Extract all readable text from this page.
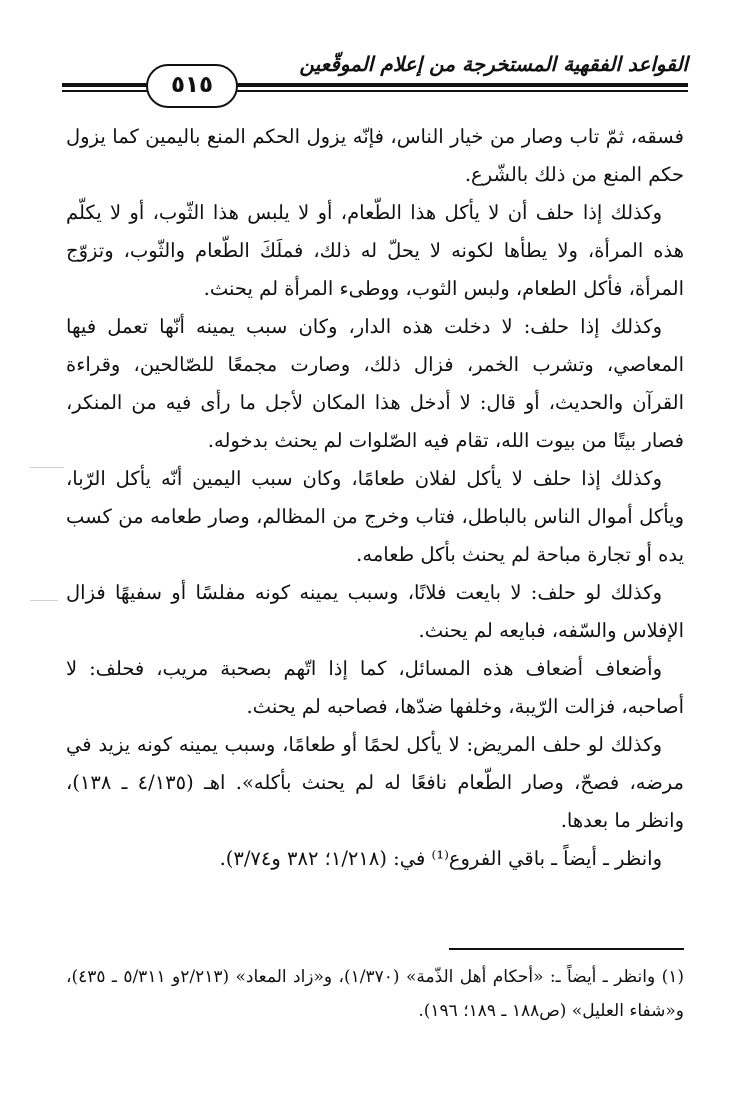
القواعد الفقهية المستخرجة من إعلام الموقّعين
٥١٥

فسقه، ثمّ تاب وصار من خيار الناس، فإنّه يزول الحكم المنع باليمين كما يزول حكم المنع من ذلك بالشّرع.

وكذلك إذا حلف أن لا يأكل هذا الطّعام، أو لا يلبس هذا الثّوب، أو لا يكلّم هذه المرأة، ولا يطأها لكونه لا يحلّ له ذلك، فملَكَ الطّعام والثّوب، وتزوّج المرأة، فأكل الطعام، ولبس الثوب، ووطىء المرأة لم يحنث.

وكذلك إذا حلف: لا دخلت هذه الدار، وكان سبب يمينه أنّها تعمل فيها المعاصي، وتشرب الخمر، فزال ذلك، وصارت مجمعًا للصّالحين، وقراءة القرآن والحديث، أو قال: لا أدخل هذا المكان لأجل ما رأى فيه من المنكر، فصار بيتًا من بيوت الله، تقام فيه الصّلوات لم يحنث بدخوله.

وكذلك إذا حلف لا يأكل لفلان طعامًا، وكان سبب اليمين أنّه يأكل الرّبا، ويأكل أموال الناس بالباطل، فتاب وخرج من المظالم، وصار طعامه من كسب يده أو تجارة مباحة لم يحنث بأكل طعامه.

وكذلك لو حلف: لا بايعت فلانًا، وسبب يمينه كونه مفلسًا أو سفيهًا فزال الإفلاس والسّفه، فبايعه لم يحنث.

وأضعاف أضعاف هذه المسائل، كما إذا اتّهم بصحبة مريب، فحلف: لا أصاحبه، فزالت الرّيبة، وخلفها ضدّها، فصاحبه لم يحنث.

وكذلك لو حلف المريض: لا يأكل لحمًا أو طعامًا، وسبب يمينه كونه يزيد في مرضه، فصحّ، وصار الطّعام نافعًا له لم يحنث بأكله». اهـ (٤/١٣٥ ـ ١٣٨)، وانظر ما بعدها.

وانظر ـ أيضاً ـ باقي الفروع⁽¹⁾ في: (١/٢١٨؛ ٣٨٢ و٣/٧٤).

(١) وانظر ـ أيضاً ـ: «أحكام أهل الذّمة» (١/٣٧٠)، و«زاد المعاد» (٢/٢١٣و ٥/٣١١ ـ ٤٣٥)، و«شفاء العليل» (ص١٨٨ ـ ١٨٩؛ ١٩٦).
